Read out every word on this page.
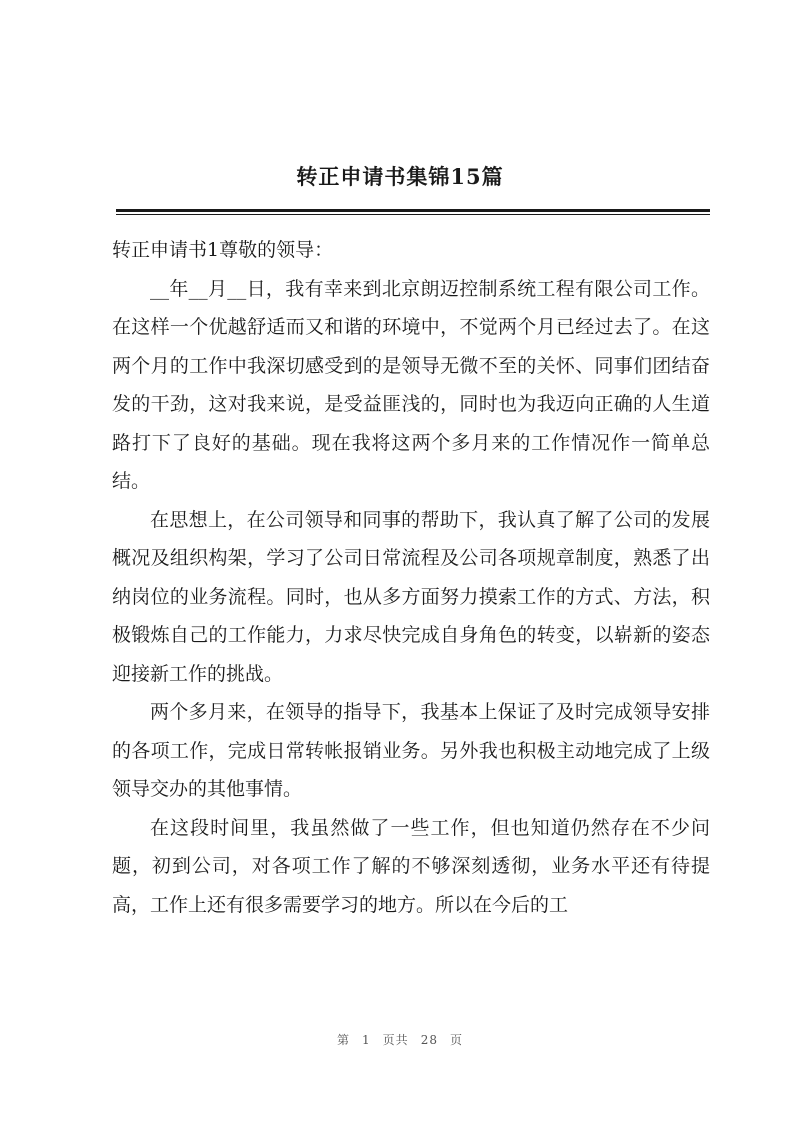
转正申请书集锦15篇

转正申请书1尊敬的领导：

__年__月__日，我有幸来到北京朗迈控制系统工程有限公司工作。在这样一个优越舒适而又和谐的环境中，不觉两个月已经过去了。在这两个月的工作中我深切感受到的是领导无微不至的关怀、同事们团结奋发的干劲，这对我来说，是受益匪浅的，同时也为我迈向正确的人生道路打下了良好的基础。现在我将这两个多月来的工作情况作一简单总结。

在思想上，在公司领导和同事的帮助下，我认真了解了公司的发展概况及组织构架，学习了公司日常流程及公司各项规章制度，熟悉了出纳岗位的业务流程。同时，也从多方面努力摸索工作的方式、方法，积极锻炼自己的工作能力，力求尽快完成自身角色的转变，以崭新的姿态迎接新工作的挑战。

两个多月来，在领导的指导下，我基本上保证了及时完成领导安排的各项工作，完成日常转帐报销业务。另外我也积极主动地完成了上级领导交办的其他事情。

在这段时间里，我虽然做了一些工作，但也知道仍然存在不少问题，初到公司，对各项工作了解的不够深刻透彻，业务水平还有待提高，工作上还有很多需要学习的地方。所以在今后的工

第 1 页共 28 页
